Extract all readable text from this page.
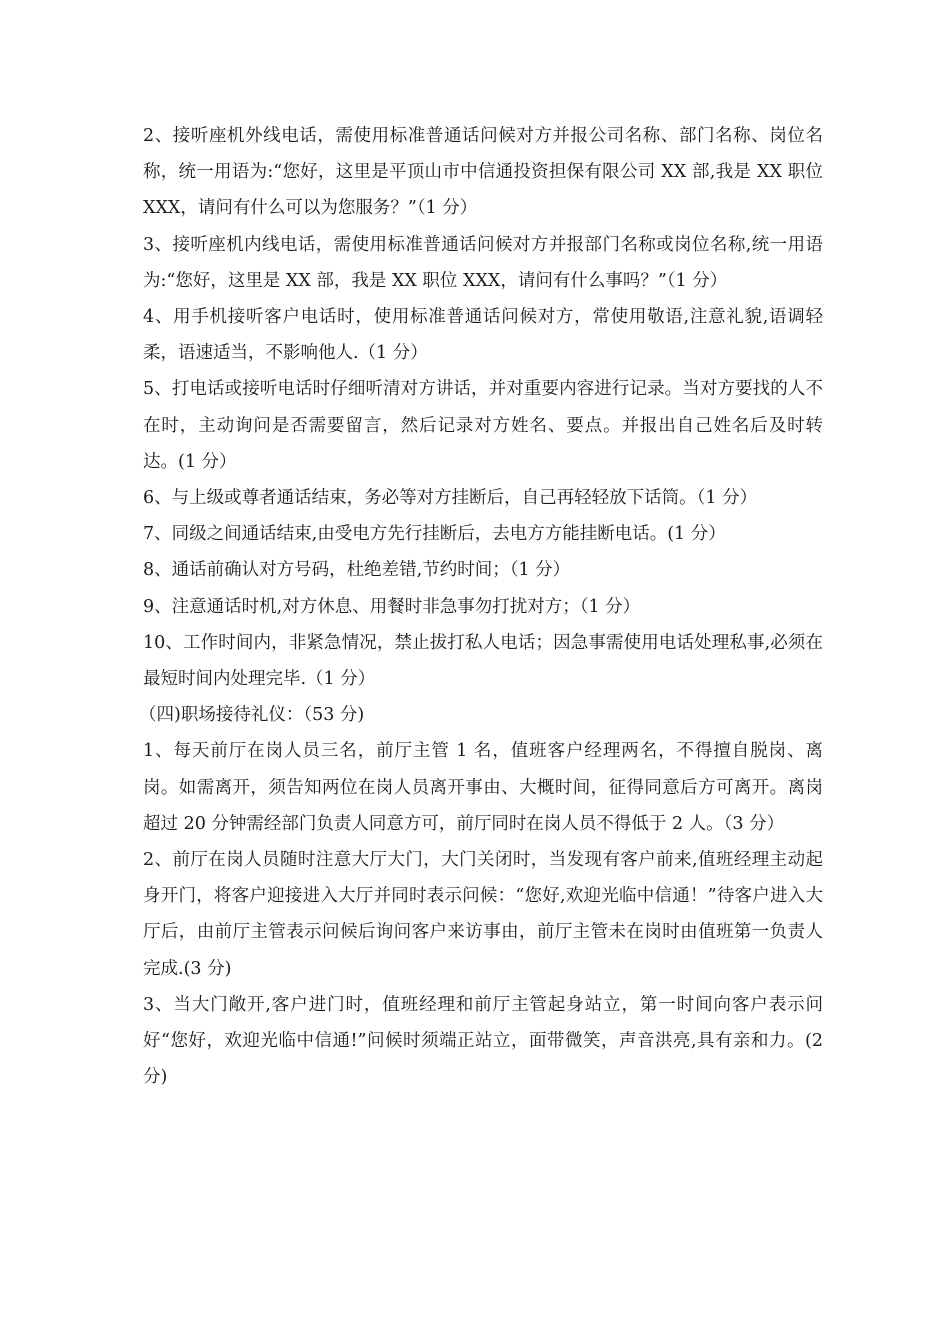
2、接听座机外线电话，需使用标准普通话问候对方并报公司名称、部门名称、岗位名称，统一用语为:“您好，这里是平顶山市中信通投资担保有限公司 XX 部,我是 XX 职位 XXX，请问有什么可以为您服务？”（1 分）

3、接听座机内线电话，需使用标准普通话问候对方并报部门名称或岗位名称,统一用语为:“您好，这里是 XX 部，我是 XX 职位 XXX，请问有什么事吗？”（1 分）

4、用手机接听客户电话时，使用标准普通话问候对方，常使用敬语,注意礼貌,语调轻柔，语速适当，不影响他人.（1 分）

5、打电话或接听电话时仔细听清对方讲话，并对重要内容进行记录。当对方要找的人不在时，主动询问是否需要留言，然后记录对方姓名、要点。并报出自己姓名后及时转达。(1 分）

6、与上级或尊者通话结束，务必等对方挂断后，自己再轻轻放下话筒。（1 分）

7、同级之间通话结束,由受电方先行挂断后，去电方方能挂断电话。(1 分）

8、通话前确认对方号码，杜绝差错,节约时间；（1 分）

9、注意通话时机,对方休息、用餐时非急事勿打扰对方；（1 分）

10、工作时间内，非紧急情况，禁止拔打私人电话；因急事需使用电话处理私事,必须在最短时间内处理完毕.（1 分）

（四)职场接待礼仪：（53 分)

1、每天前厅在岗人员三名，前厅主管 1 名，值班客户经理两名，不得擅自脱岗、离岗。如需离开，须告知两位在岗人员离开事由、大概时间，征得同意后方可离开。离岗超过 20 分钟需经部门负责人同意方可，前厅同时在岗人员不得低于 2 人。（3 分）

2、前厅在岗人员随时注意大厅大门，大门关闭时，当发现有客户前来,值班经理主动起身开门，将客户迎接进入大厅并同时表示问候：“您好,欢迎光临中信通！”待客户进入大厅后，由前厅主管表示问候后询问客户来访事由，前厅主管未在岗时由值班第一负责人完成.(3 分)

3、当大门敞开,客户进门时，值班经理和前厅主管起身站立，第一时间向客户表示问好“您好，欢迎光临中信通!”问候时须端正站立，面带微笑，声音洪亮,具有亲和力。(2 分)
